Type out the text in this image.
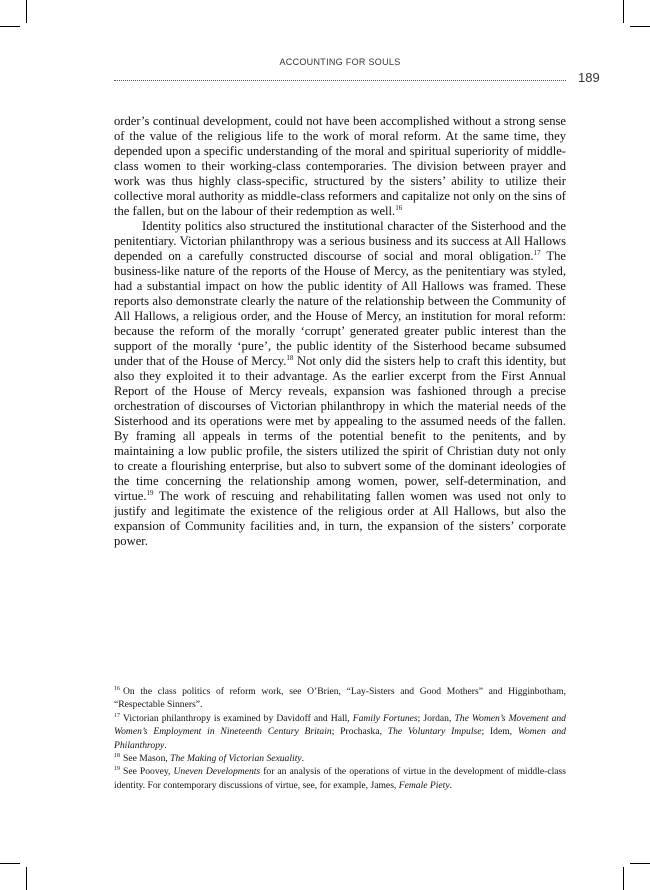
ACCOUNTING FOR SOULS
189

order’s continual development, could not have been accomplished without a strong sense of the value of the religious life to the work of moral reform. At the same time, they depended upon a specific understanding of the moral and spiritual superiority of middle-class women to their working-class contemporaries. The division between prayer and work was thus highly class-specific, structured by the sisters’ ability to utilize their collective moral authority as middle-class reformers and capitalize not only on the sins of the fallen, but on the labour of their redemption as well.$^{16}$

Identity politics also structured the institutional character of the Sisterhood and the penitentiary. Victorian philanthropy was a serious business and its success at All Hallows depended on a carefully constructed discourse of social and moral obligation.$^{17}$ The business-like nature of the reports of the House of Mercy, as the penitentiary was styled, had a substantial impact on how the public identity of All Hallows was framed. These reports also demonstrate clearly the nature of the relationship between the Community of All Hallows, a religious order, and the House of Mercy, an institution for moral reform: because the reform of the morally ‘corrupt’ generated greater public interest than the support of the morally ‘pure’, the public identity of the Sisterhood became subsumed under that of the House of Mercy.$^{18}$ Not only did the sisters help to craft this identity, but also they exploited it to their advantage. As the earlier excerpt from the First Annual Report of the House of Mercy reveals, expansion was fashioned through a precise orchestration of discourses of Victorian philanthropy in which the material needs of the Sisterhood and its operations were met by appealing to the assumed needs of the fallen. By framing all appeals in terms of the potential benefit to the penitents, and by maintaining a low public profile, the sisters utilized the spirit of Christian duty not only to create a flourishing enterprise, but also to subvert some of the dominant ideologies of the time concerning the relationship among women, power, self-determination, and virtue.$^{19}$ The work of rescuing and rehabilitating fallen women was used not only to justify and legitimate the existence of the religious order at All Hallows, but also the expansion of Community facilities and, in turn, the expansion of the sisters’ corporate power.

$^{16}$ On the class politics of reform work, see O’Brien, “Lay-Sisters and Good Mothers” and Higginbotham, “Respectable Sinners”.

$^{17}$ Victorian philanthropy is examined by Davidoff and Hall, Family Fortunes; Jordan, The Women’s Movement and Women’s Employment in Nineteenth Century Britain; Prochaska, The Voluntary Impulse; Idem, Women and Philanthropy.

$^{18}$ See Mason, The Making of Victorian Sexuality.

$^{19}$ See Poovey, Uneven Developments for an analysis of the operations of virtue in the development of middle-class identity. For contemporary discussions of virtue, see, for example, James, Female Piety.
